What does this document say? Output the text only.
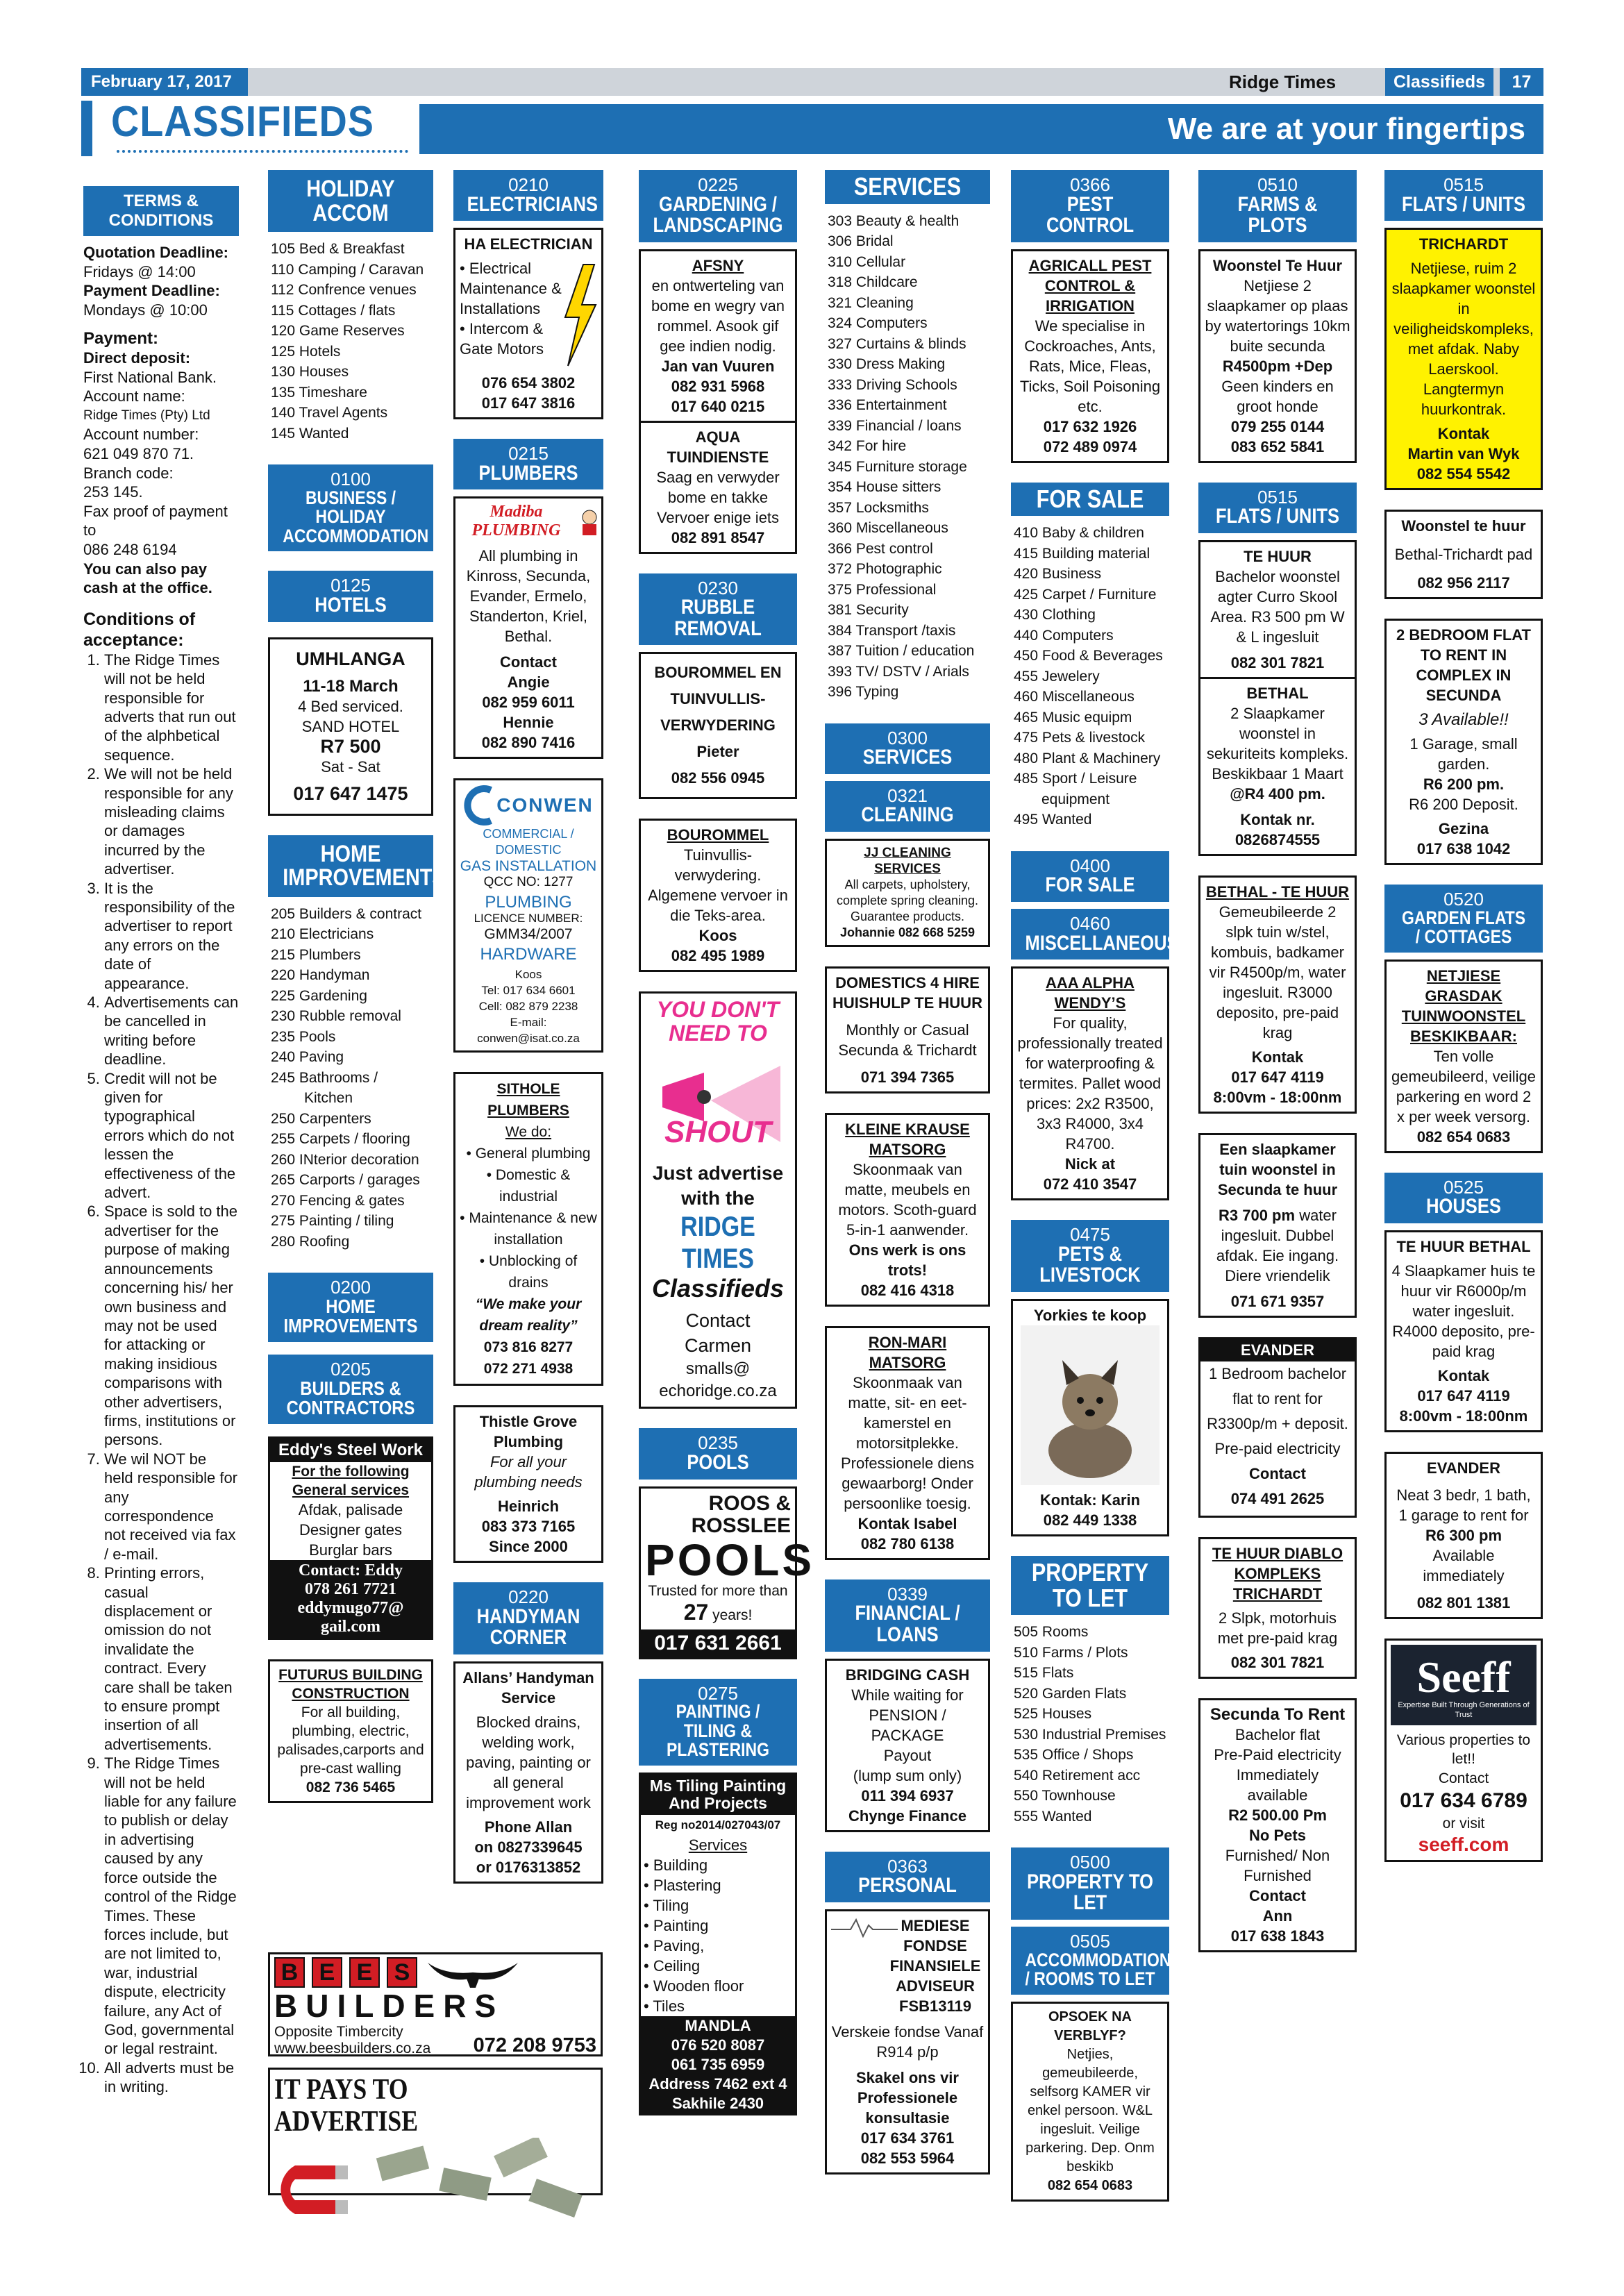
February 17, 2017	Ridge Times	Classifieds	17
CLASSIFIEDS	We are at your fingertips
TERMS & CONDITIONS
Quotation Deadline:
Fridays @ 14:00
Payment Deadline:
Mondays @ 10:00
Payment:
Direct deposit:
First National Bank.
Account name:
Ridge Times (Pty) Ltd
Account number:
621 049 870 71.
Branch code:
253 145.
Fax proof of payment to
086 248 6194
You can also pay cash at the office.
Conditions of acceptance:
1. The Ridge Times will not be held responsible for adverts that run out of the alphbetical sequence.
2. We will not be held responsible for any misleading claims or damages incurred by the advertiser.
3. It is the responsibility of the advertiser to report any errors on the date of appearance.
4. Advertisements can be cancelled in writing before deadline.
5. Credit will not be given for typographical errors which do not lessen the effectiveness of the advert.
6. Space is sold to the advertiser for the purpose of making announcements concerning his/ her own business and may not be used for attacking or making insidious comparisons with other advertisers, firms, institutions or persons.
7. We wil NOT be held responsible for any correspondence not received via fax / e-mail.
8. Printing errors, casual displacement or omission do not invalidate the contract. Every care shall be taken to ensure prompt insertion of all advertisements.
9. The Ridge Times will not be held liable for any failure to publish or delay in advertising caused by any force outside the control of the Ridge Times. These forces include, but are not limited to, war, industrial dispute, electricity failure, any Act of God, governmental or legal restraint.
10. All adverts must be in writing.
HOLIDAY ACCOM
105 Bed & Breakfast
110 Camping / Caravan
112 Confrence venues
115 Cottages / flats
120 Game Reserves
125 Hotels
130 Houses
135 Timeshare
140 Travel Agents
145 Wanted
0100
BUSINESS / HOLIDAY ACCOMMODATION
0125
HOTELS
UMHLANGA
11-18 March
4 Bed serviced.
SAND HOTEL
R7 500
Sat - Sat
017 647 1475
HOME IMPROVEMENTS
205 Builders & contract
210 Electricians
215 Plumbers
220 Handyman
225 Gardening
230 Rubble removal
235 Pools
240 Paving
245 Bathrooms /
Kitchen
250 Carpenters
255 Carpets / flooring
260 INterior decoration
265 Carports / garages
270 Fencing & gates
275 Painting / tiling
280 Roofing
0200
HOME IMPROVEMENTS
0205
BUILDERS & CONTRACTORS
Eddy's Steel Work
For the following General services
Afdak, palisade
Designer gates
Burglar bars
Contact: Eddy
078 261 7721
eddymugo77@ gail.com
FUTURUS BUILDING CONSTRUCTION
For all building, plumbing, electric, palisades,carports and pre-cast walling
082 736 5465
B E E S
BUILDERS
Opposite Timbercity
www.beesbuilders.co.za 072 208 9753
IT PAYS TO ADVERTISE
0210
ELECTRICIANS
HA ELECTRICIAN
• Electrical Maintenance & Installations
• Intercom & Gate Motors
076 654 3802
017 647 3816
0215
PLUMBERS
Madiba PLUMBING
All plumbing in Kinross, Secunda, Evander, Ermelo, Standerton, Kriel, Bethal.
Contact
Angie
082 959 6011
Hennie
082 890 7416
CONWEN
COMMERCIAL / DOMESTIC
GAS INSTALLATION
QCC NO: 1277
PLUMBING
LICENCE NUMBER:
GMM34/2007
HARDWARE
Koos
Tel: 017 634 6601
Cell: 082 879 2238
E-mail: conwen@isat.co.za
SITHOLE PLUMBERS
We do:
• General plumbing
• Domestic & industrial
• Maintenance & new installation
• Unblocking of drains
“We make your dream reality”
073 816 8277
072 271 4938
Thistle Grove Plumbing
For all your plumbing needs
Heinrich
083 373 7165
Since 2000
0220
HANDYMAN CORNER
Allans’ Handyman Service
Blocked drains, welding work, paving, painting or all general improvement work
Phone Allan
on 0827339645
or 0176313852
0225
GARDENING / LANDSCAPING
AFSNY
en ontwerteling van bome en wegry van rommel. Asook gif gee indien nodig.
Jan van Vuuren
082 931 5968
017 640 0215
AQUA TUINDIENSTE
Saag en verwyder bome en takke
Vervoer enige iets
082 891 8547
0230
RUBBLE REMOVAL
BOUROMMEL EN
TUINVULLIS-
VERWYDERING
Pieter
082 556 0945
BOUROMMEL
Tuinvullis-verwydering.
Algemene vervoer in die Teks-area.
Koos
082 495 1989
YOU DON'T NEED TO
SHOUT
Just advertise with the
RIDGE TIMES
Classifieds
Contact
Carmen
smalls@ echoridge.co.za
0235
POOLS
ROOS & ROSSLEE
POOLS
Trusted for more than 27 years!
017 631 2661
0275
PAINTING / TILING & PLASTERING
Ms Tiling Painting And Projects
Reg no2014/027043/07
Services
• Building
• Plastering
• Tiling
• Painting
• Paving,
• Ceiling
• Wooden floor
• Tiles
MANDLA
076 520 8087
061 735 6959
Address 7462 ext 4
Sakhile 2430
SERVICES
303 Beauty & health
306 Bridal
310 Cellular
318 Childcare
321 Cleaning
324 Computers
327 Curtains & blinds
330 Dress Making
333 Driving Schools
336 Entertainment
339 Financial / loans
342 For hire
345 Furniture storage
354 House sitters
357 Locksmiths
360 Miscellaneous
366 Pest control
372 Photographic
375 Professional
381 Security
384 Transport /taxis
387 Tuition / education
393 TV/ DSTV / Arials
396 Typing
0300
SERVICES
0321
CLEANING
JJ CLEANING SERVICES
All carpets, upholstery, complete spring cleaning. Guarantee products.
Johannie 082 668 5259
DOMESTICS 4 HIRE HUISHULP TE HUUR
Monthly or Casual
Secunda & Trichardt
071 394 7365
KLEINE KRAUSE MATSORG
Skoonmaak van matte, meubels en motors. Scoth-guard 5-in-1 aanwender.
Ons werk is ons trots!
082 416 4318
RON-MARI MATSORG
Skoonmaak van matte, sit- en eet-kamerstel en motorsitplekke. Professionele diens gewaarborg! Onder persoonlike toesig.
Kontak Isabel
082 780 6138
0339
FINANCIAL / LOANS
BRIDGING CASH
While waiting for PENSION / PACKAGE
Payout
(lump sum only)
011 394 6937
Chynge Finance
0363
PERSONAL
MEDIESE FONDSE FINANSIELE ADVISEUR FSB13119
Verskeie fondse Vanaf R914 p/p
Skakel ons vir Professionele konsultasie
017 634 3761
082 553 5964
0366
PEST CONTROL
AGRICALL PEST CONTROL & IRRIGATION
We specialise in Cockroaches, Ants, Rats, Mice, Fleas, Ticks, Soil Poisoning etc.
017 632 1926
072 489 0974
FOR SALE
410 Baby & children
415 Building material
420 Business
425 Carpet / Furniture
430 Clothing
440 Computers
450 Food & Beverages
455 Jewelery
460 Miscellaneous
465 Music equipm
475 Pets & livestock
480 Plant & Machinery
485 Sport / Leisure
equipment
495 Wanted
0400
FOR SALE
0460
MISCELLANEOUS
AAA ALPHA WENDY’S
For quality, professionally treated for waterproofing & termites. Pallet wood prices: 2x2 R3500, 3x3 R4000, 3x4 R4700.
Nick at
072 410 3547
0475
PETS & LIVESTOCK
Yorkies te koop
Kontak: Karin
082 449 1338
PROPERTY TO LET
505 Rooms
510 Farms / Plots
515 Flats
520 Garden Flats
525 Houses
530 Industrial Premises
535 Office / Shops
540 Retirement acc
550 Townhouse
555 Wanted
0500
PROPERTY TO LET
0505
ACCOMMODATION / ROOMS TO LET
OPSOEK NA VERBLYF?
Netjies, gemeubileerde, selfsorg KAMER vir enkel persoon. W&L ingesluit. Veilige parkering. Dep. Onm beskikb
082 654 0683
0510
FARMS & PLOTS
Woonstel Te Huur
Netjiese 2 slaapkamer op plaas by watertorings 10km buite secunda
R4500pm +Dep
Geen kinders en groot honde
079 255 0144
083 652 5841
0515
FLATS / UNITS
TE HUUR
Bachelor woonstel agter Curro Skool Area. R3 500 pm W & L ingesluit
082 301 7821
BETHAL
2 Slaapkamer woonstel in sekuriteits kompleks. Beskikbaar 1 Maart
@R4 400 pm.
Kontak nr.
0826874555
BETHAL - TE HUUR
Gemeubileerde 2 slpk tuin w/stel, kombuis, badkamer vir R4500p/m, water ingesluit. R3000 deposito, pre-paid krag
Kontak
017 647 4119
8:00vm - 18:00nm
Een slaapkamer tuin woonstel in Secunda te huur
R3 700 pm water ingesluit. Dubbel afdak. Eie ingang. Diere vriendelik
071 671 9357
EVANDER
1 Bedroom bachelor flat to rent for R3300p/m + deposit.
Pre-paid electricity
Contact
074 491 2625
TE HUUR DIABLO KOMPLEKS TRICHARDT
2 Slpk, motorhuis met pre-paid krag
082 301 7821
Secunda To Rent
Bachelor flat
Pre-Paid electricity
Immediately available
R2 500.00 Pm
No Pets
Furnished/ Non Furnished
Contact
Ann
017 638 1843
0515
FLATS / UNITS
TRICHARDT
Netjiese, ruim 2 slaapkamer woonstel in veiligheidskompleks, met afdak. Naby Laerskool. Langtermyn huurkontrak.
Kontak
Martin van Wyk
082 554 5542
Woonstel te huur
Bethal-Trichardt pad
082 956 2117
2 BEDROOM FLAT TO RENT IN COMPLEX IN SECUNDA
3 Available!!
1 Garage, small garden.
R6 200 pm.
R6 200 Deposit.
Gezina
017 638 1042
0520
GARDEN FLATS / COTTAGES
NETJIESE GRASDAK TUINWOONSTEL BESKIKBAAR:
Ten volle gemeubileerd, veilige parkering en word 2 x per week versorg.
082 654 0683
0525
HOUSES
TE HUUR BETHAL
4 Slaapkamer huis te huur vir R6000p/m water ingesluit. R4000 deposito, pre-paid krag
Kontak
017 647 4119
8:00vm - 18:00nm
EVANDER
Neat 3 bedr, 1 bath, 1 garage to rent for
R6 300 pm
Available immediately
082 801 1381
Seeff
Expertise Built Through Generations of Trust
Various properties to let!!
Contact
017 634 6789
or visit
seeff.com
